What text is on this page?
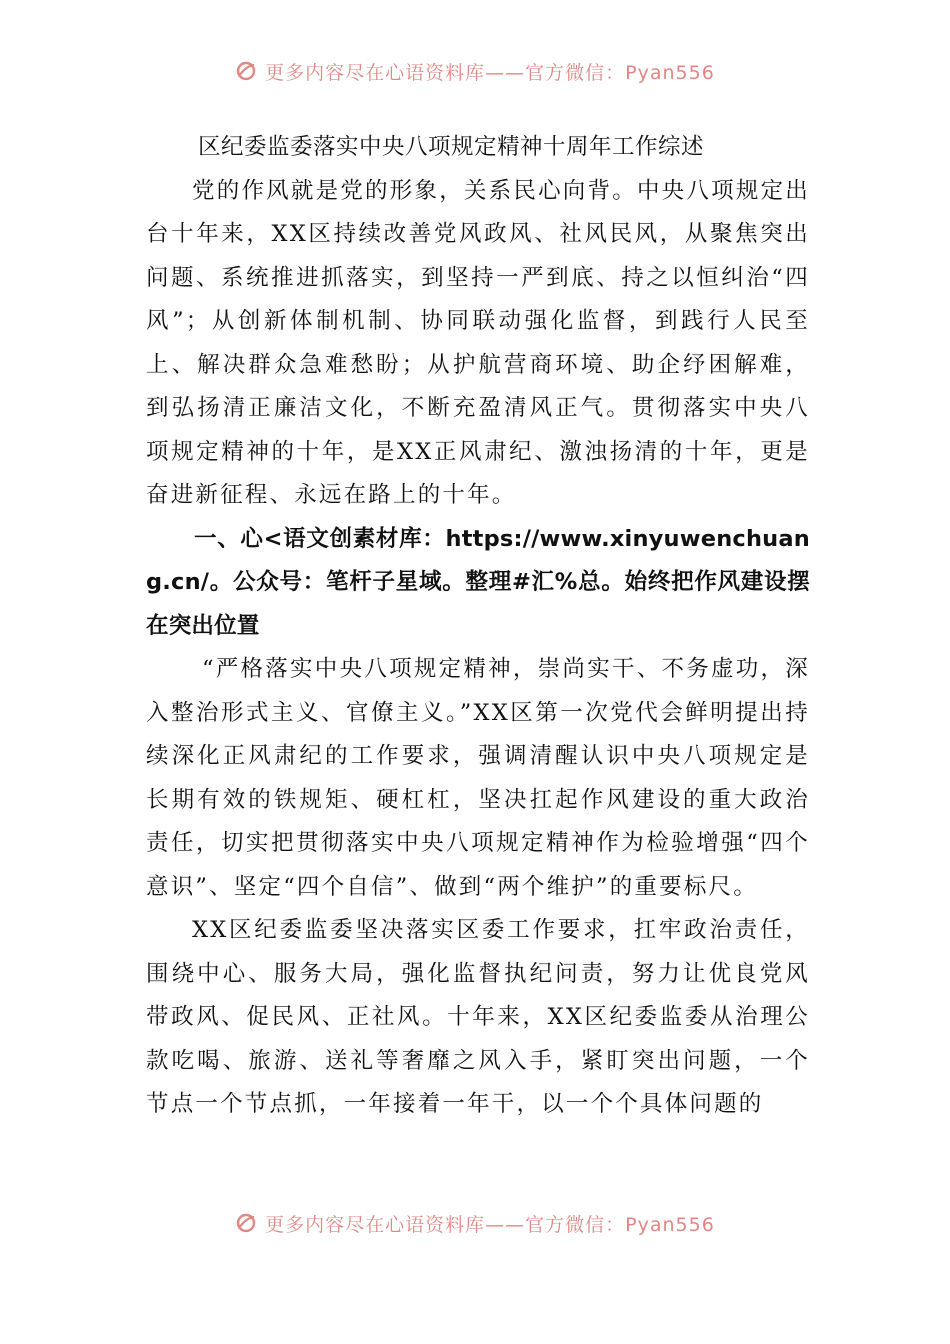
更多内容尽在心语资料库——官方微信：Pyan556

区纪委监委落实中央八项规定精神十周年工作综述

党的作风就是党的形象，关系民心向背。中央八项规定出台十年来，XX区持续改善党风政风、社风民风，从聚焦突出问题、系统推进抓落实，到坚持一严到底、持之以恒纠治“四风”；从创新体制机制、协同联动强化监督，到践行人民至上、解决群众急难愁盼；从护航营商环境、助企纾困解难，到弘扬清正廉洁文化，不断充盈清风正气。贯彻落实中央八项规定精神的十年，是XX正风肃纪、激浊扬清的十年，更是奋进新征程、永远在路上的十年。

一、心<语文创素材库：https://www.xinyuwenchuang.cn/。公众号：笔杆子星域。整理#汇%总。始终把作风建设摆在突出位置

“严格落实中央八项规定精神，崇尚实干、不务虚功，深入整治形式主义、官僚主义。”XX区第一次党代会鲜明提出持续深化正风肃纪的工作要求，强调清醒认识中央八项规定是长期有效的铁规矩、硬杠杠，坚决扛起作风建设的重大政治责任，切实把贯彻落实中央八项规定精神作为检验增强“四个意识”、坚定“四个自信”、做到“两个维护”的重要标尺。

XX区纪委监委坚决落实区委工作要求，扛牢政治责任，围绕中心、服务大局，强化监督执纪问责，努力让优良党风带政风、促民风、正社风。十年来，XX区纪委监委从治理公款吃喝、旅游、送礼等奢靡之风入手，紧盯突出问题，一个节点一个节点抓，一年接着一年干，以一个个具体问题的

更多内容尽在心语资料库——官方微信：Pyan556
